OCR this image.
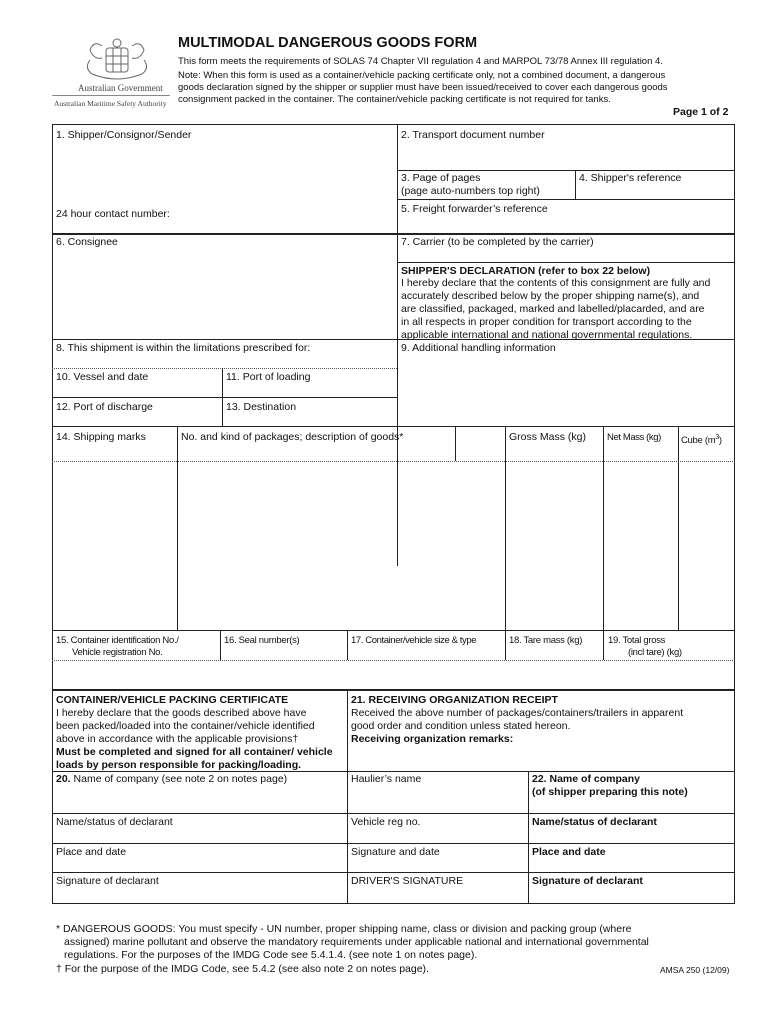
Australian Government
Australian Maritime Safety Authority
MULTIMODAL DANGEROUS GOODS FORM
This form meets the requirements of SOLAS 74 Chapter VII regulation 4 and MARPOL 73/78 Annex III regulation 4.
Note: When this form is used as a container/vehicle packing certificate only, not a combined document, a dangerous
goods declaration signed by the shipper or supplier must have been issued/received to cover each dangerous goods
consignment packed in the container. The container/vehicle packing certificate is not required for tanks.
Page 1 of 2
1. Shipper/Consignor/Sender
24 hour contact number:
2. Transport document number
3. Page of pages
(page auto-numbers top right)
4. Shipper's reference
5. Freight forwarder’s reference
6. Consignee	7. Carrier (to be completed by the carrier)
SHIPPER'S DECLARATION (refer to box 22 below)
I hereby declare that the contents of this consignment are fully and
accurately described below by the proper shipping name(s), and
are classified, packaged, marked and labelled/placarded, and are
in all respects in proper condition for transport according to the
applicable international and national governmental regulations.
8. This shipment is within the limitations prescribed for:	9. Additional handling information
10. Vessel and date	11. Port of loading
12. Port of discharge	13. Destination
14. Shipping marks	No. and kind of packages; description of goods*	Gross Mass (kg) Net Mass (kg) Cube $(m^3)$
15. Container identification No./
Vehicle registration No.
16. Seal number(s)	17. Container/vehicle size & type	18. Tare mass (kg)	19. Total gross
(incl tare) (kg)
CONTAINER/VEHICLE PACKING CERTIFICATE
I hereby declare that the goods described above have
been packed/loaded into the container/vehicle identified
above in accordance with the applicable provisions†
Must be completed and signed for all container/ vehicle
loads by person responsible for packing/loading.
20. Name of company (see note 2 on notes page)
21. RECEIVING ORGANIZATION RECEIPT
Received the above number of packages/containers/trailers in apparent
good order and condition unless stated hereon.
Receiving organization remarks:
Haulier’s name	22. Name of company
(of shipper preparing this note)
Name/status of declarant	Vehicle reg no.	Name/status of declarant
Place and date	Signature and date	Place and date
Signature of declarant	DRIVER'S SIGNATURE	Signature of declarant
* DANGEROUS GOODS: You must specify - UN number, proper shipping name, class or division and packing group (where
assigned) marine pollutant and observe the mandatory requirements under applicable national and international governmental
regulations. For the purposes of the IMDG Code see 5.4.1.4. (see note 1 on notes page).
† For the purpose of the IMDG Code, see 5.4.2 (see also note 2 on notes page).	AMSA 250 (12/09)
